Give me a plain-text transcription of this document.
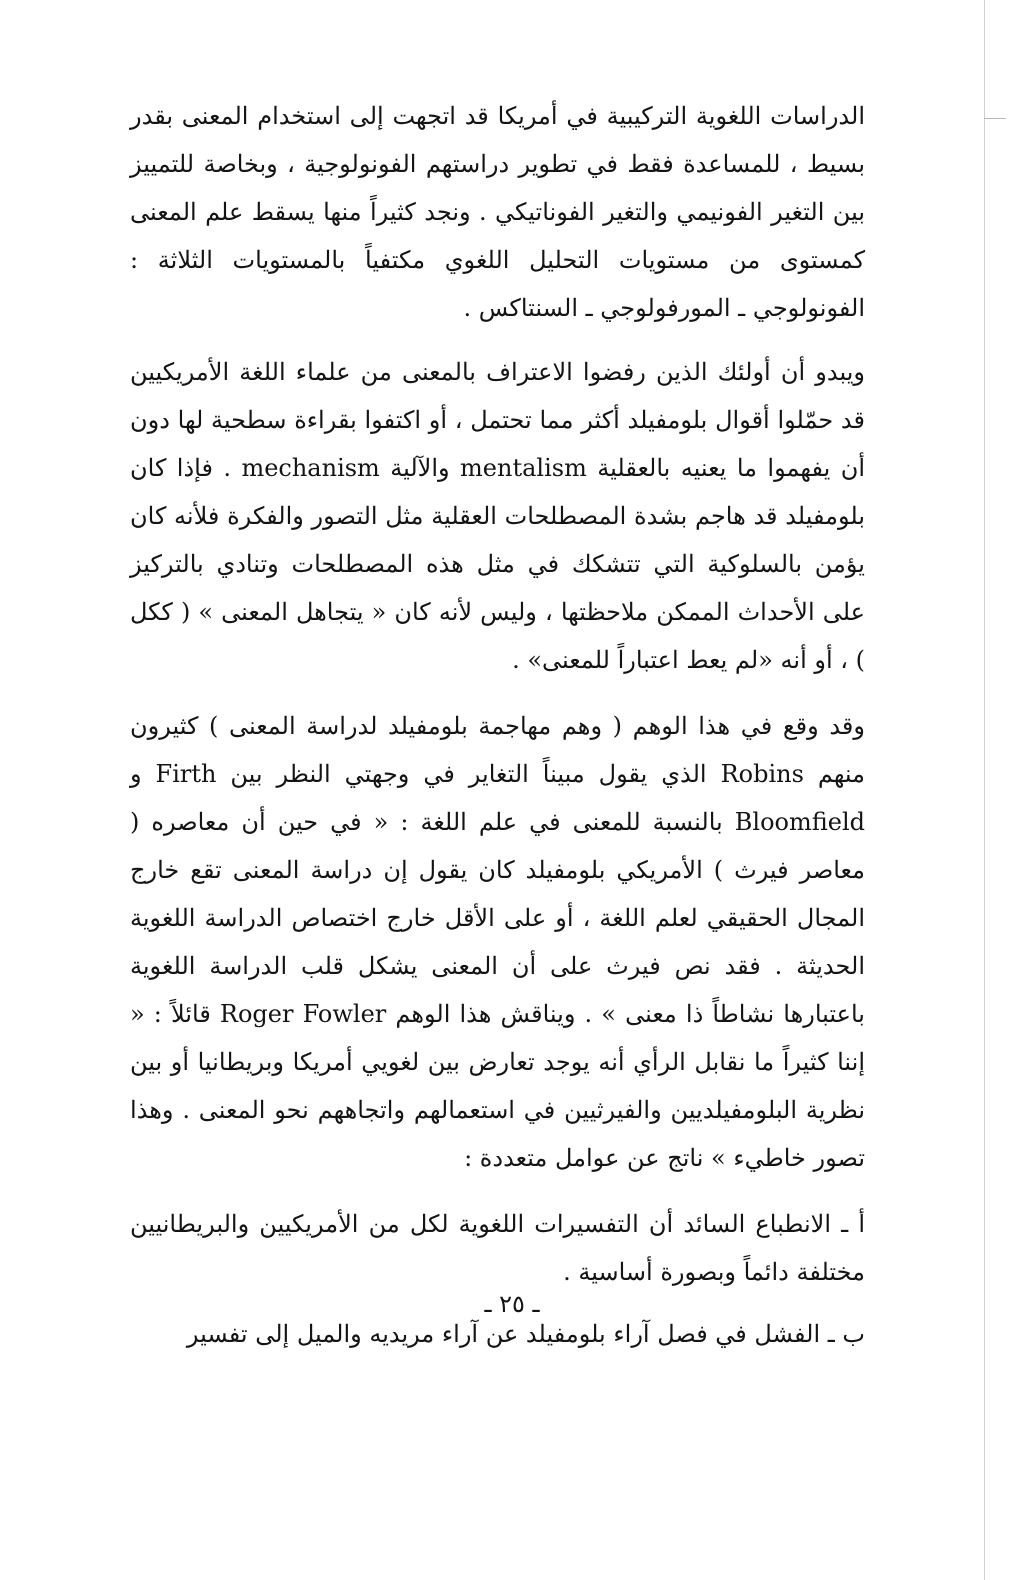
الدراسات اللغوية التركيبية في أمريكا قد اتجهت إلى استخدام المعنى بقدر بسيط ، للمساعدة فقط في تطوير دراستهم الفونولوجية ، وبخاصة للتمييز بين التغير الفونيمي والتغير الفوناتيكي . ونجد كثيراً منها يسقط علم المعنى كمستوى من مستويات التحليل اللغوي مكتفياً بالمستويات الثلاثة : الفونولوجي ـ المورفولوجي ـ السنتاكس .

ويبدو أن أولئك الذين رفضوا الاعتراف بالمعنى من علماء اللغة الأمريكيين قد حمّلوا أقوال بلومفيلد أكثر مما تحتمل ، أو اكتفوا بقراءة سطحية لها دون أن يفهموا ما يعنيه بالعقلية mentalism والآلية mechanism . فإذا كان بلومفيلد قد هاجم بشدة المصطلحات العقلية مثل التصور والفكرة فلأنه كان يؤمن بالسلوكية التي تتشكك في مثل هذه المصطلحات وتنادي بالتركيز على الأحداث الممكن ملاحظتها ، وليس لأنه كان « يتجاهل المعنى » ( ككل ) ، أو أنه «لم يعط اعتباراً للمعنى» .

وقد وقع في هذا الوهم ( وهم مهاجمة بلومفيلد لدراسة المعنى ) كثيرون منهم Robins الذي يقول مبيناً التغاير في وجهتي النظر بين Firth و Bloomfield بالنسبة للمعنى في علم اللغة : « في حين أن معاصره ( معاصر فيرث ) الأمريكي بلومفيلد كان يقول إن دراسة المعنى تقع خارج المجال الحقيقي لعلم اللغة ، أو على الأقل خارج اختصاص الدراسة اللغوية الحديثة . فقد نص فيرث على أن المعنى يشكل قلب الدراسة اللغوية باعتبارها نشاطاً ذا معنى » . ويناقش هذا الوهم Roger Fowler قائلاً : « إننا كثيراً ما نقابل الرأي أنه يوجد تعارض بين لغويي أمريكا وبريطانيا أو بين نظرية البلومفيلديين والفيرثيين في استعمالهم واتجاههم نحو المعنى . وهذا تصور خاطيء » ناتج عن عوامل متعددة :

أ ـ الانطباع السائد أن التفسيرات اللغوية لكل من الأمريكيين والبريطانيين مختلفة دائماً وبصورة أساسية .

ب ـ الفشل في فصل آراء بلومفيلد عن آراء مريديه والميل إلى تفسير

ـ ٢٥ ـ
